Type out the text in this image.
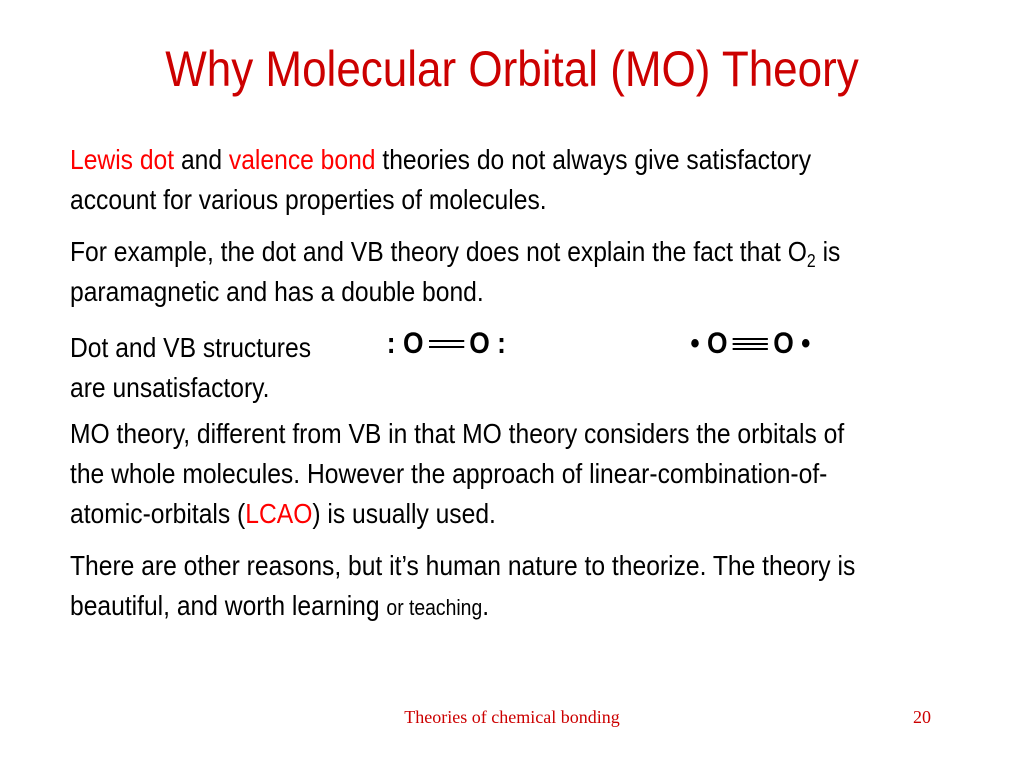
Why Molecular Orbital (MO) Theory

Lewis dot and valence bond theories do not always give satisfactory account for various properties of molecules.

For example, the dot and VB theory does not explain the fact that $O_2$ is paramagnetic and has a double bond.

Dot and VB structures
are unsatisfactory.
:
O O
:	•
O O
•

MO theory, different from VB in that MO theory considers the orbitals of the whole molecules. However the approach of linear-combination-of-atomic-orbitals (LCAO) is usually used.

There are other reasons, but it’s human nature to theorize. The theory is beautiful, and worth learning or teaching.

Theories of chemical bonding	20
